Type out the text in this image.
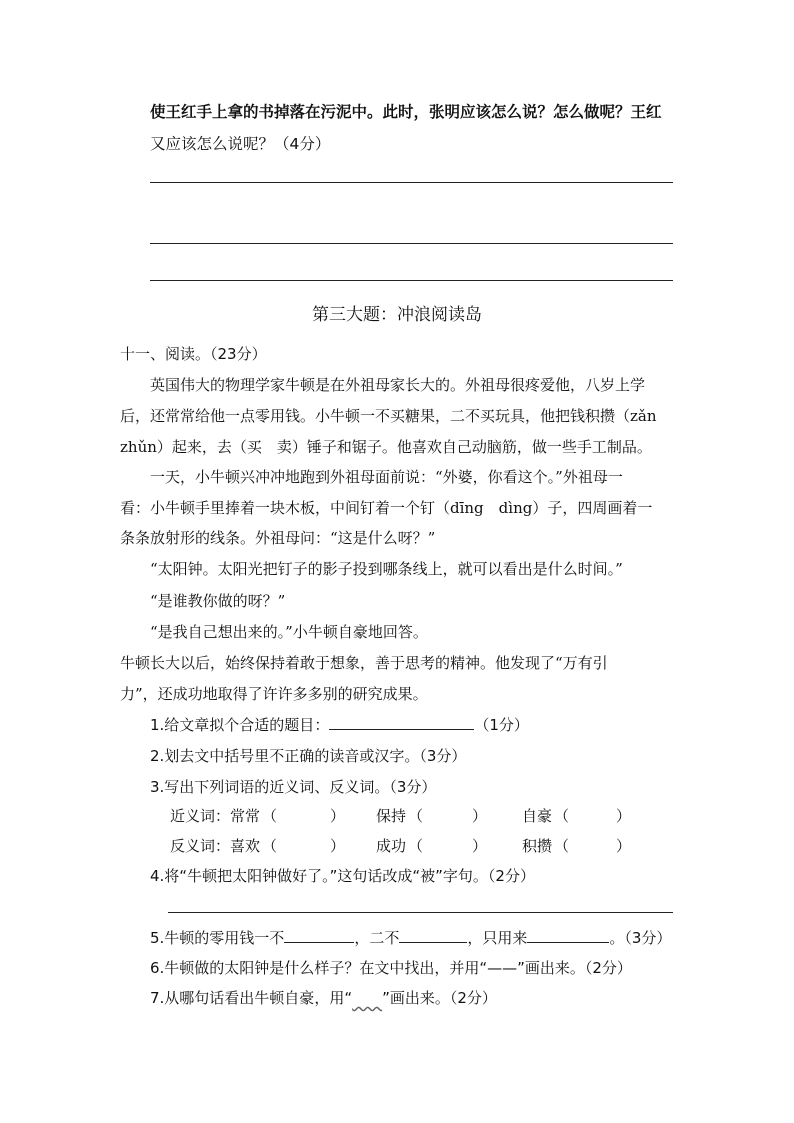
使王红手上拿的书掉落在污泥中。此时，张明应该怎么说？怎么做呢？王红
又应该怎么说呢？（4分）
第三大题：冲浪阅读岛
十一、阅读。（23分）
英国伟大的物理学家牛顿是在外祖母家长大的。外祖母很疼爱他，八岁上学
后，还常常给他一点零用钱。小牛顿一不买糖果，二不买玩具，他把钱积攒（zǎn
zhǔn）起来，去（买　卖）锤子和锯子。他喜欢自己动脑筋，做一些手工制品。
一天，小牛顿兴冲冲地跑到外祖母面前说：“外婆，你看这个。”外祖母一
看：小牛顿手里捧着一块木板，中间钉着一个钉（dīng　dìng）子，四周画着一
条条放射形的线条。外祖母问：“这是什么呀？”
“太阳钟。太阳光把钉子的影子投到哪条线上，就可以看出是什么时间。”
“是谁教你做的呀？”
“是我自己想出来的。”小牛顿自豪地回答。
牛顿长大以后，始终保持着敢于想象，善于思考的精神。他发现了“万有引
力”，还成功地取得了许许多多别的研究成果。
1.给文章拟个合适的题目：	（1分）
2.划去文中括号里不正确的读音或汉字。（3分）
3.写出下列词语的近义词、反义词。（3分）
近义词： 常常 （	） 保持 （	） 自豪 （	）
反义词： 喜欢 （	） 成功 （	） 积攒 （	）
4.将“牛顿把太阳钟做好了。”这句话改成“被”字句。（2分）
5.牛顿的零用钱一不	，二不	，只用来	。（3分）
6.牛顿做的太阳钟是什么样子？在文中找出，并用“——”画出来。（2分）
7.从哪句话看出牛顿自豪，用“ ”画出来。（2分）
